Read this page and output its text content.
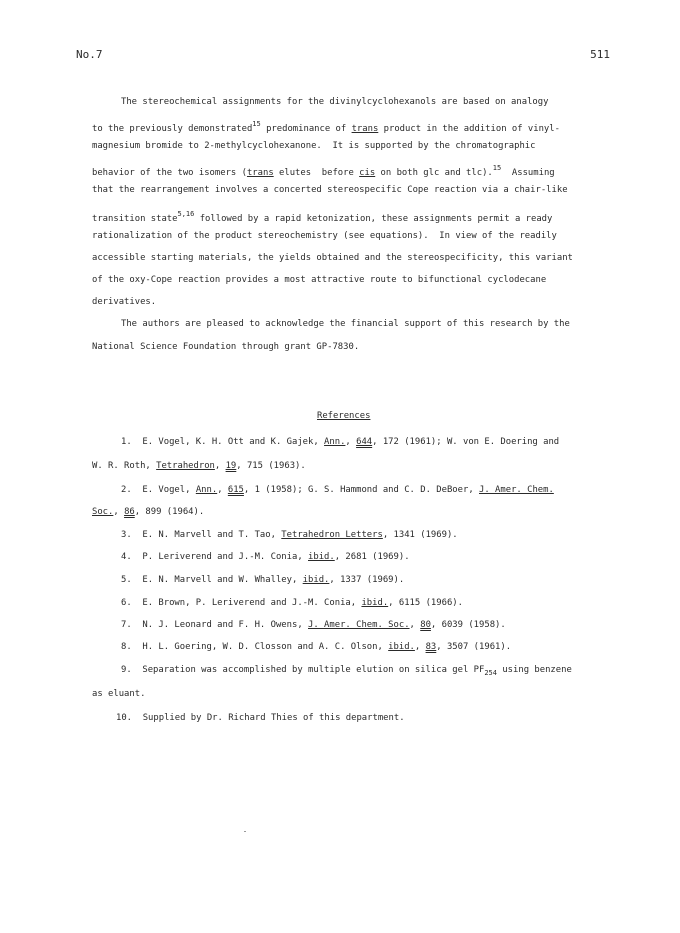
No.7	511
The stereochemical assignments for the divinylcyclohexanols are based on analogy
to the previously demonstrated$^{15}$ predominance of trans product in the addition of vinyl-
magnesium bromide to 2-methylcyclohexanone.  It is supported by the chromatographic
behavior of the two isomers (trans elutes  before cis on both glc and tlc).$^{15}$  Assuming
that the rearrangement involves a concerted stereospecific Cope reaction via a chair-like
transition state$^{5,16}$ followed by a rapid ketonization, these assignments permit a ready
rationalization of the product stereochemistry (see equations).  In view of the readily
accessible starting materials, the yields obtained and the stereospecificity, this variant
of the oxy-Cope reaction provides a most attractive route to bifunctional cyclodecane
derivatives.
The authors are pleased to acknowledge the financial support of this research by the
National Science Foundation through grant GP-7830.
References
1.  E. Vogel, K. H. Ott and K. Gajek, Ann., 644, 172 (1961); W. von E. Doering and
W. R. Roth, Tetrahedron, 19, 715 (1963).
2.  E. Vogel, Ann., 615, 1 (1958); G. S. Hammond and C. D. DeBoer, J. Amer. Chem.
Soc., 86, 899 (1964).
3.  E. N. Marvell and T. Tao, Tetrahedron Letters, 1341 (1969).
4.  P. Leriverend and J.-M. Conia, ibid., 2681 (1969).
5.  E. N. Marvell and W. Whalley, ibid., 1337 (1969).
6.  E. Brown, P. Leriverend and J.-M. Conia, ibid., 6115 (1966).
7.  N. J. Leonard and F. H. Owens, J. Amer. Chem. Soc., 80, 6039 (1958).
8.  H. L. Goering, W. D. Closson and A. C. Olson, ibid., 83, 3507 (1961).
9.  Separation was accomplished by multiple elution on silica gel $PF_{254}$ using benzene
as eluant.
10.  Supplied by Dr. Richard Thies of this department.
